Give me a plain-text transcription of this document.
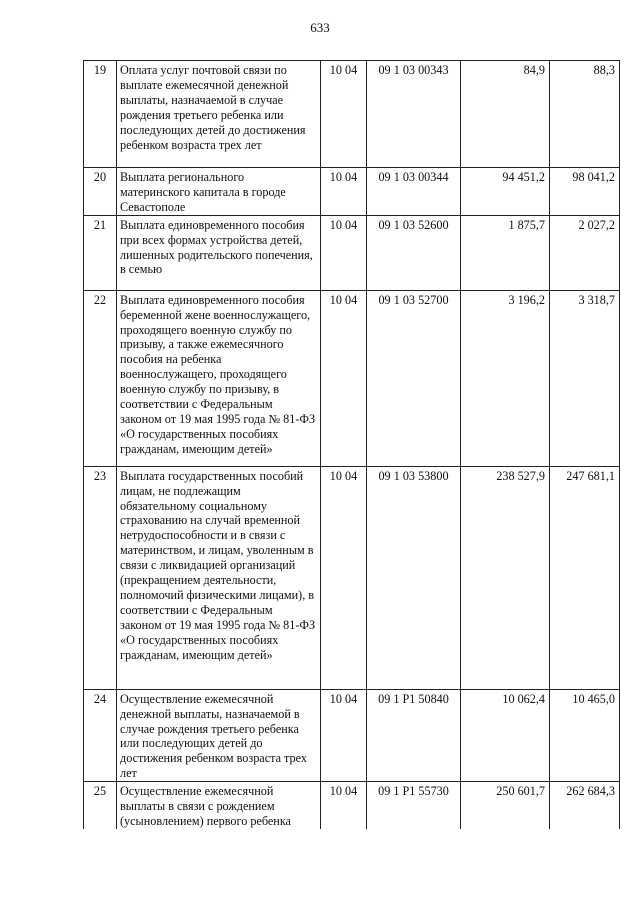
633
19	Оплата услуг почтовой связи по выплате ежемесячной денежной выплаты, назначаемой в случае рождения третьего ребенка или последующих детей до достижения ребенком возраста трех лет	10 04	09 1 03 00343	84,9	88,3
20	Выплата регионального материнского капитала в городе Севастополе	10 04	09 1 03 00344	94 451,2	98 041,2
21	Выплата единовременного пособия при всех формах устройства детей, лишенных родительского попечения, в семью	10 04	09 1 03 52600	1 875,7	2 027,2
22	Выплата единовременного пособия беременной жене военнослужащего, проходящего военную службу по призыву, а также ежемесячного пособия на ребенка военнослужащего, проходящего военную службу по призыву, в соответствии с Федеральным законом от 19 мая 1995 года № 81-ФЗ «О государственных пособиях гражданам, имеющим детей»	10 04	09 1 03 52700	3 196,2	3 318,7
23	Выплата государственных пособий лицам, не подлежащим обязательному социальному страхованию на случай временной нетрудоспособности и в связи с материнством, и лицам, уволенным в связи с ликвидацией организаций (прекращением деятельности, полномочий физическими лицами), в соответствии с Федеральным законом от 19 мая 1995 года № 81-ФЗ «О государственных пособиях гражданам, имеющим детей»	10 04	09 1 03 53800	238 527,9	247 681,1
24	Осуществление ежемесячной денежной выплаты, назначаемой в случае рождения третьего ребенка или последующих детей до достижения ребенком возраста трех лет	10 04	09 1 Р1 50840	10 062,4	10 465,0
25	Осуществление ежемесячной выплаты в связи с рождением (усыновлением) первого ребенка	10 04	09 1 Р1 55730	250 601,7	262 684,3
